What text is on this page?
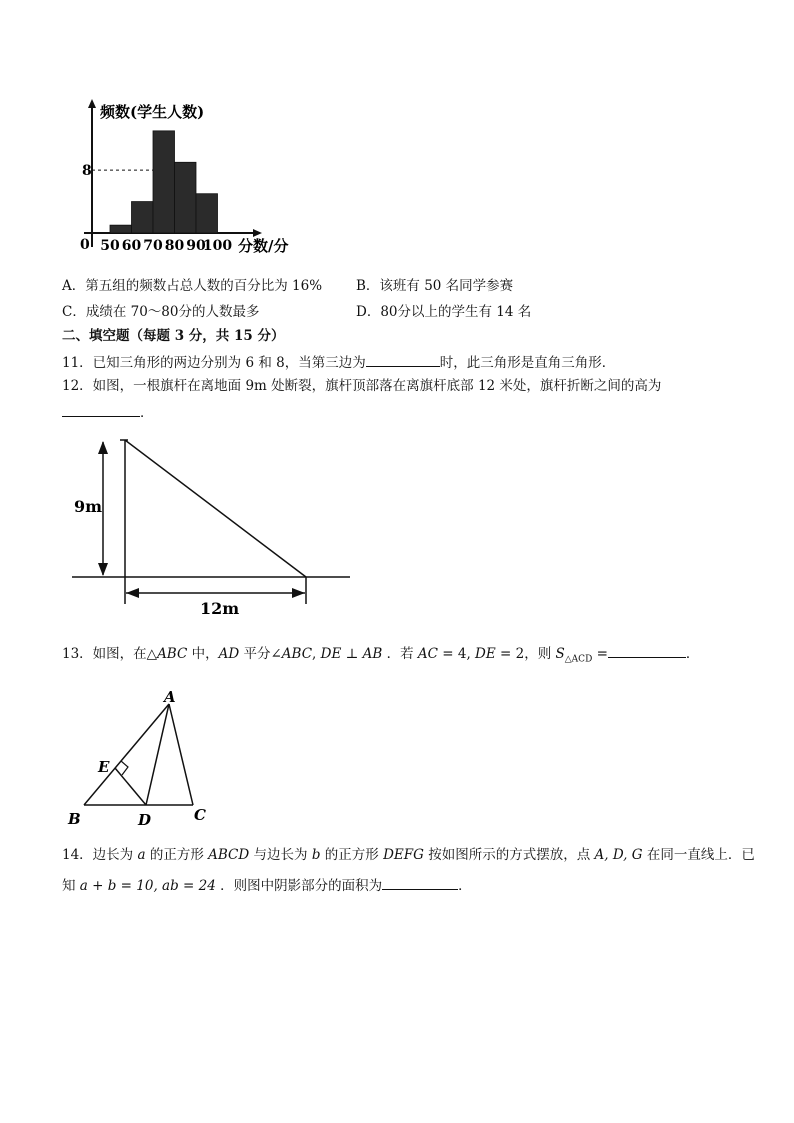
8
频数(学生人数)
0 50 60 70 80 90
100 分数/分
A．第五组的频数占总人数的百分比为 16%	B．该班有 50 名同学参赛
C．成绩在 70～80分的人数最多	D．80分以上的学生有 14 名
二、填空题（每题 3 分，共 15 分）
11．已知三角形的两边分别为 6 和 8，当第三边为	时，此三角形是直角三角形．
12．如图，一根旗杆在离地面 9m 处断裂，旗杆顶部落在离旗杆底部 12 米处，旗杆折断之间的高为
．
9m
12m
13．如图，在△ABC 中，AD 平分∠ABC, DE ⊥ AB ．若 AC = 4, DE = 2，则 $S_{\triangle ACD}$ =	．
A
E
B	D	C
14．边长为 a 的正方形 ABCD 与边长为 b 的正方形 DEFG 按如图所示的方式摆放，点 A, D, G 在同一直线上．已
知 a + b = 10, ab = 24 ．则图中阴影部分的面积为	．
